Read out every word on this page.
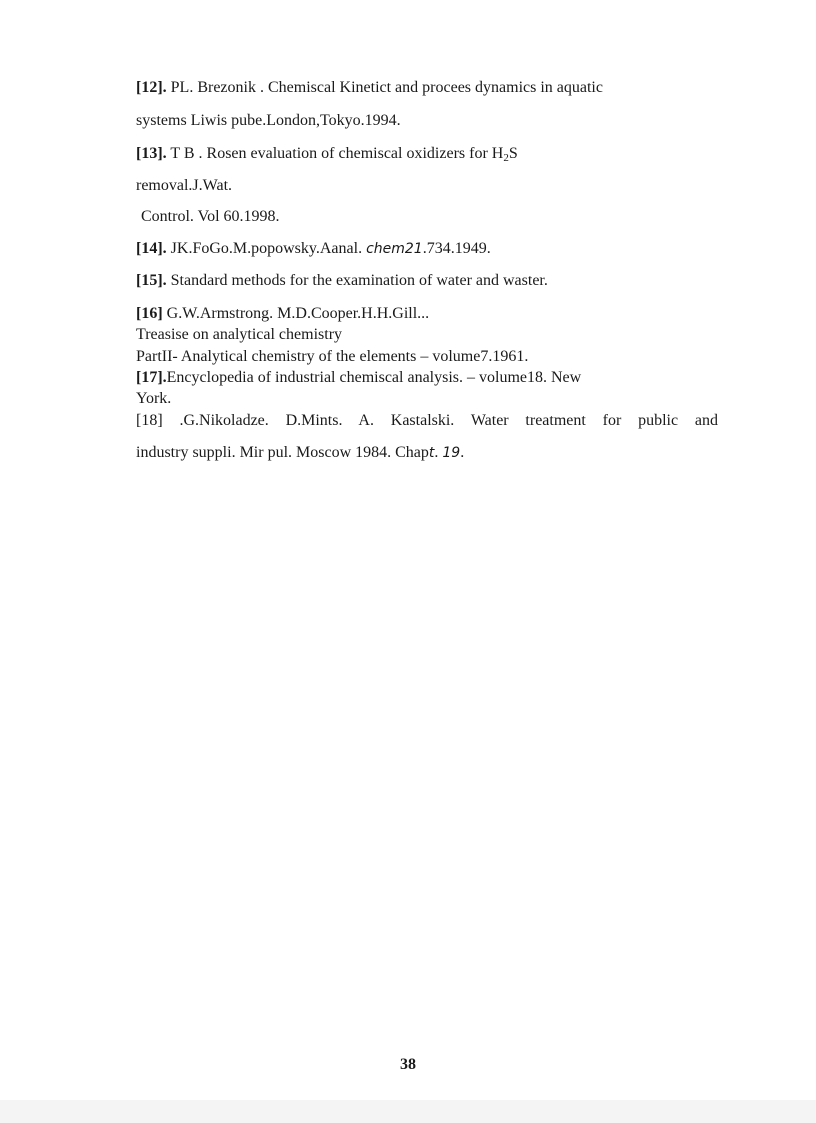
[12]. PL. Brezonik . Chemiscal Kinetict and procees dynamics in aquatic
systems Liwis pube.London,Tokyo.1994.
[13]. T B . Rosen evaluation of chemiscal oxidizers for $H_2S$
removal.J.Wat.
Control. Vol 60.1998.
[14]. JK.FoGo.M.popowsky.Aanal. chem21.734.1949.
[15]. Standard methods for the examination of water and waster.
[16] G.W.Armstrong. M.D.Cooper.H.H.Gill...
Treasise on analytical chemistry
PartII- Analytical chemistry of the elements – volume7.1961.
[17].Encyclopedia of industrial chemiscal analysis. – volume18. New
York.
[18] .G.Nikoladze. D.Mints. A. Kastalski. Water treatment for public and
industry suppli. Mir pul. Moscow 1984. Chapt. 19.
38
